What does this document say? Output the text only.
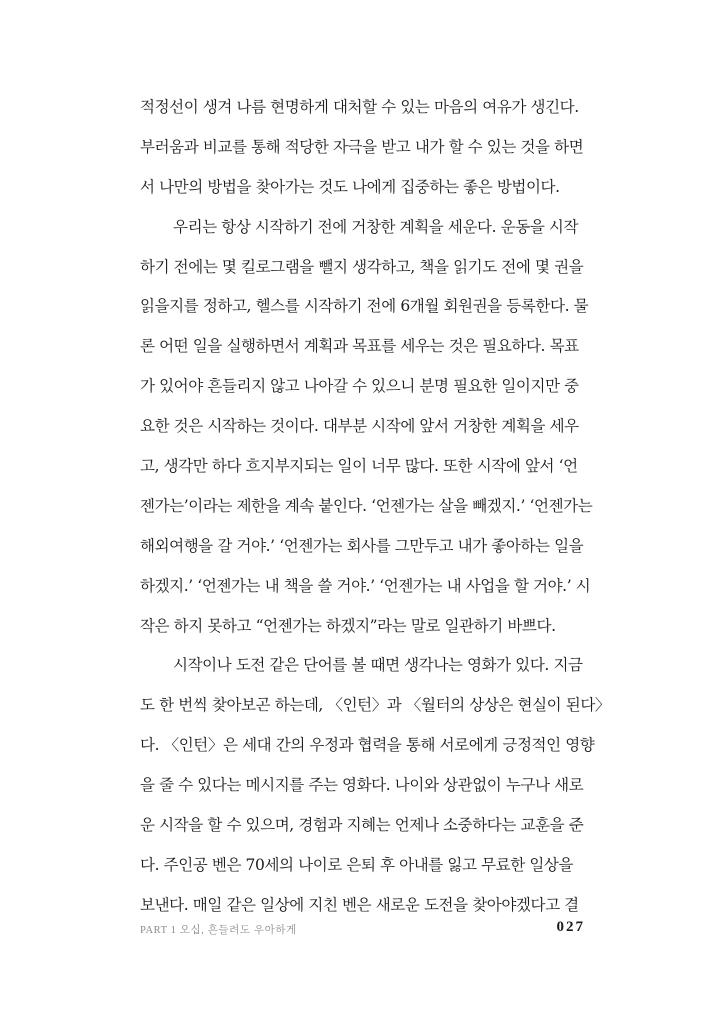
적정선이 생겨 나름 현명하게 대처할 수 있는 마음의 여유가 생긴다.
부러움과 비교를 통해 적당한 자극을 받고 내가 할 수 있는 것을 하면
서 나만의 방법을 찾아가는 것도 나에게 집중하는 좋은 방법이다.
우리는 항상 시작하기 전에 거창한 계획을 세운다. 운동을 시작
하기 전에는 몇 킬로그램을 뺄지 생각하고, 책을 읽기도 전에 몇 권을
읽을지를 정하고, 헬스를 시작하기 전에 6개월 회원권을 등록한다. 물
론 어떤 일을 실행하면서 계획과 목표를 세우는 것은 필요하다. 목표
가 있어야 흔들리지 않고 나아갈 수 있으니 분명 필요한 일이지만 중
요한 것은 시작하는 것이다. 대부분 시작에 앞서 거창한 계획을 세우
고, 생각만 하다 흐지부지되는 일이 너무 많다. 또한 시작에 앞서 ‘언
젠가는’이라는 제한을 계속 붙인다. ‘언젠가는 살을 빼겠지.’ ‘언젠가는
해외여행을 갈 거야.’ ‘언젠가는 회사를 그만두고 내가 좋아하는 일을
하겠지.’ ‘언젠가는 내 책을 쓸 거야.’ ‘언젠가는 내 사업을 할 거야.’ 시
작은 하지 못하고 “언젠가는 하겠지”라는 말로 일관하기 바쁘다.
시작이나 도전 같은 단어를 볼 때면 생각나는 영화가 있다. 지금
도 한 번씩 찾아보곤 하는데, 〈인턴〉과 〈월터의 상상은 현실이 된다〉
다. 〈인턴〉은 세대 간의 우정과 협력을 통해 서로에게 긍정적인 영향
을 줄 수 있다는 메시지를 주는 영화다. 나이와 상관없이 누구나 새로
운 시작을 할 수 있으며, 경험과 지혜는 언제나 소중하다는 교훈을 준
다. 주인공 벤은 70세의 나이로 은퇴 후 아내를 잃고 무료한 일상을
보낸다. 매일 같은 일상에 지친 벤은 새로운 도전을 찾아야겠다고 결
PART 1 오십, 흔들려도 우아하게	027
